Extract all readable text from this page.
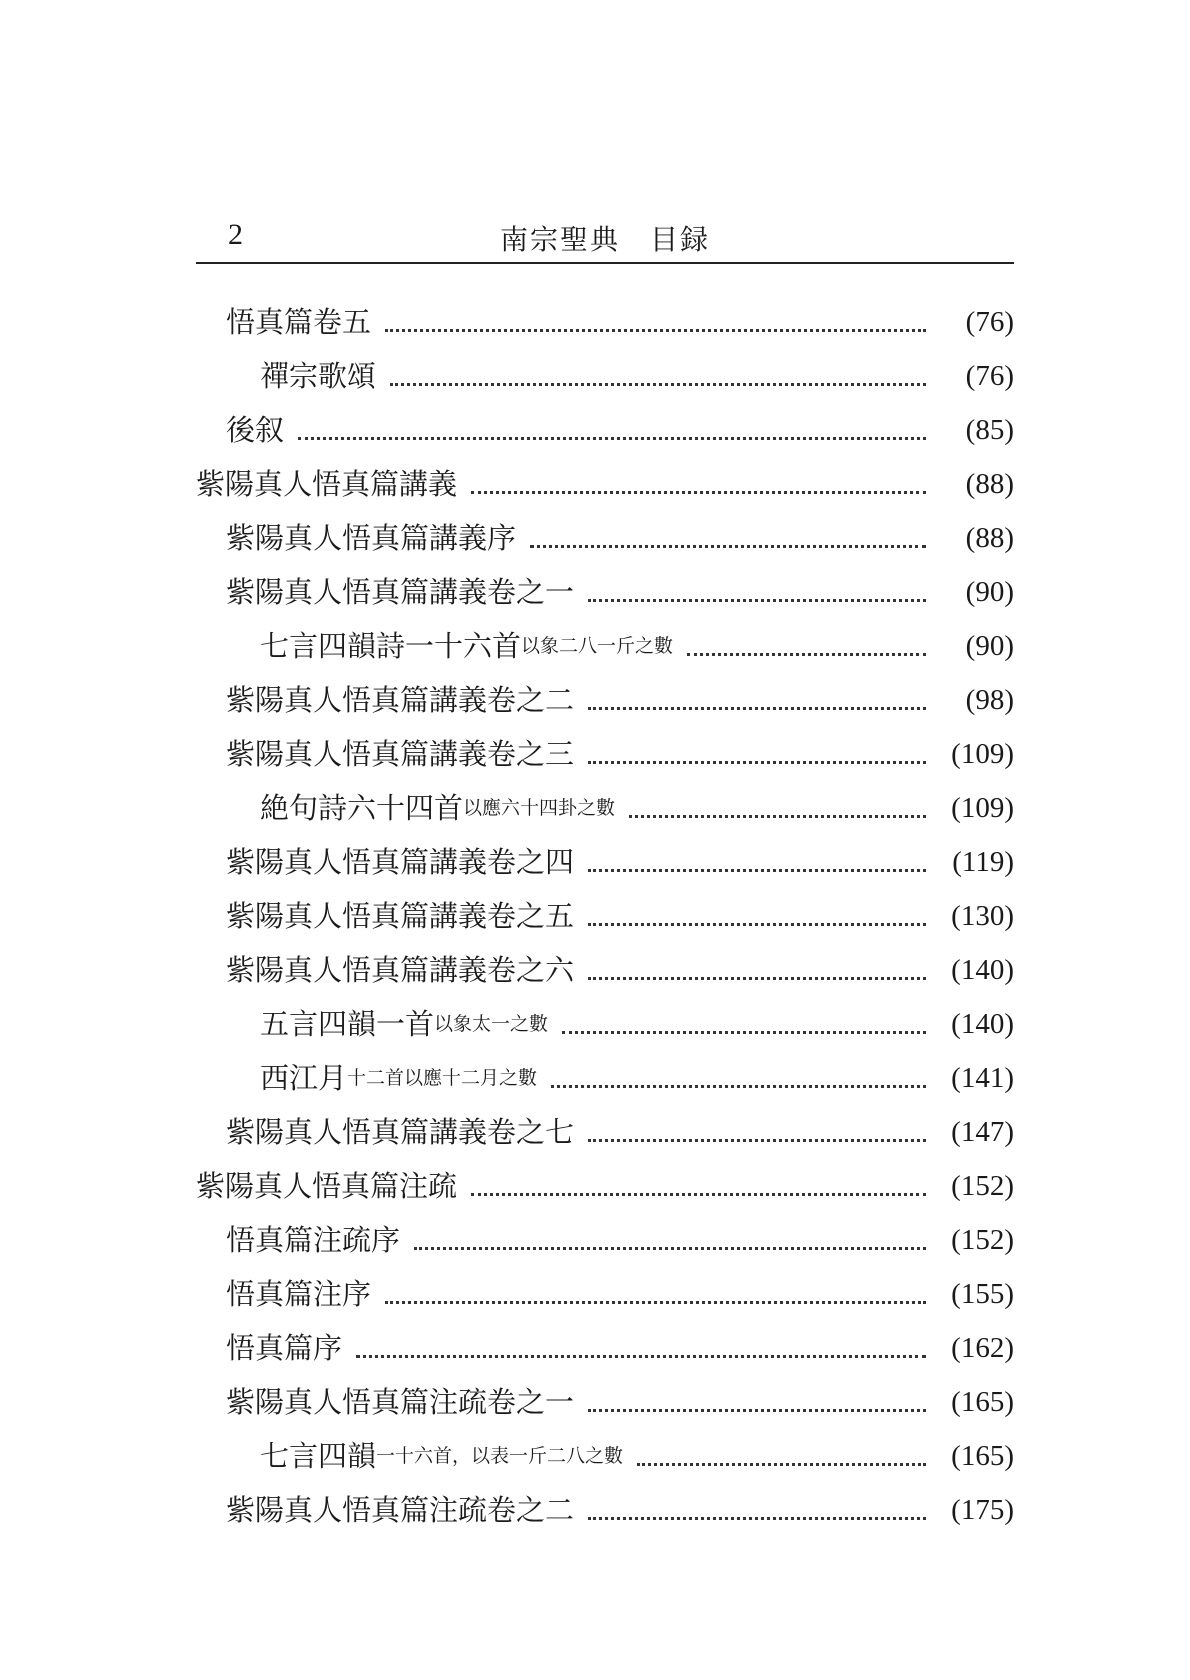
2	南宗聖典　目録
悟真篇卷五	(76)
禪宗歌頌	(76)
後叙	(85)
紫陽真人悟真篇講義	(88)
紫陽真人悟真篇講義序	(88)
紫陽真人悟真篇講義卷之一	(90)
七言四韻詩一十六首 以象二八一斤之數	(90)
紫陽真人悟真篇講義卷之二	(98)
紫陽真人悟真篇講義卷之三	(109)
絶句詩六十四首 以應六十四卦之數	(109)
紫陽真人悟真篇講義卷之四	(119)
紫陽真人悟真篇講義卷之五	(130)
紫陽真人悟真篇講義卷之六	(140)
五言四韻一首 以象太一之數	(140)
西江月 十二首以應十二月之數	(141)
紫陽真人悟真篇講義卷之七	(147)
紫陽真人悟真篇注疏	(152)
悟真篇注疏序	(152)
悟真篇注序	(155)
悟真篇序	(162)
紫陽真人悟真篇注疏卷之一	(165)
七言四韻 一十六首，以表一斤二八之數	(165)
紫陽真人悟真篇注疏卷之二	(175)
